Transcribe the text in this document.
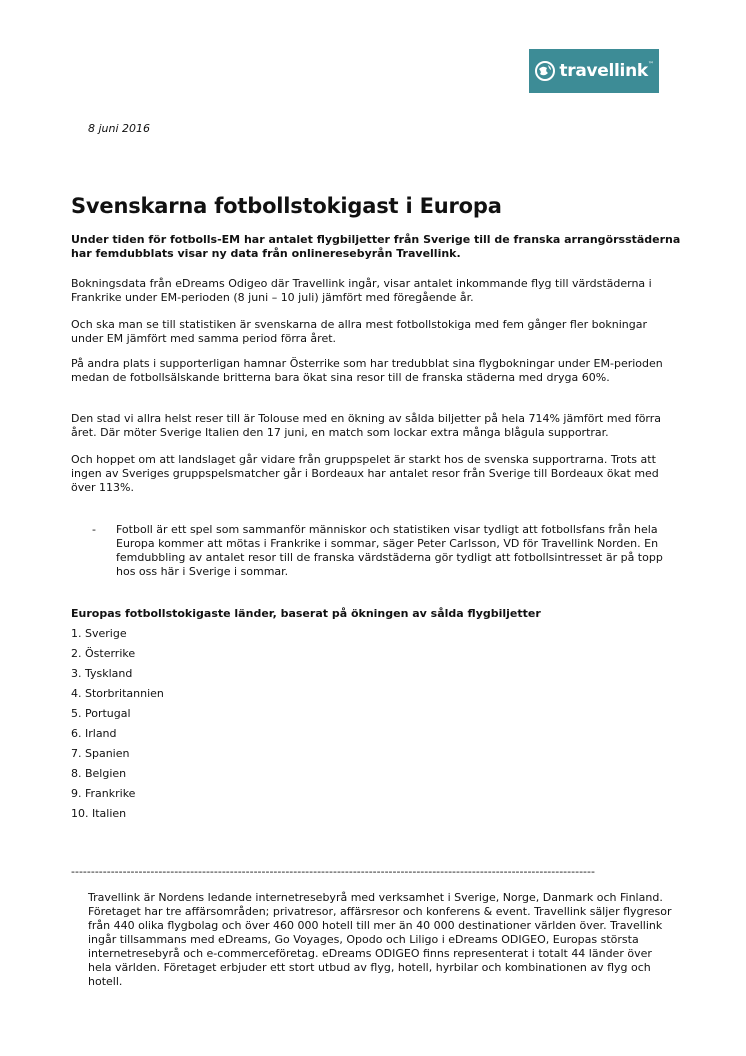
travellink™
8 juni 2016
Svenskarna fotbollstokigast i Europa

Under tiden för fotbolls-EM har antalet flygbiljetter från Sverige till de franska arrangörsstäderna har femdubblats visar ny data från onlineresebyrån Travellink.

Bokningsdata från eDreams Odigeo där Travellink ingår, visar antalet inkommande flyg till värdstäderna i Frankrike under EM-perioden (8 juni – 10 juli) jämfört med föregående år.

Och ska man se till statistiken är svenskarna de allra mest fotbollstokiga med fem gånger fler bokningar under EM jämfört med samma period förra året.

På andra plats i supporterligan hamnar Österrike som har tredubblat sina flygbokningar under EM-perioden medan de fotbollsälskande britterna bara ökat sina resor till de franska städerna med dryga 60%.

Den stad vi allra helst reser till är Tolouse med en ökning av sålda biljetter på hela 714% jämfört med förra året. Där möter Sverige Italien den 17 juni, en match som lockar extra många blågula supportrar.

Och hoppet om att landslaget går vidare från gruppspelet är starkt hos de svenska supportrarna. Trots att ingen av Sveriges gruppspelsmatcher går i Bordeaux har antalet resor från Sverige till Bordeaux ökat med över 113%.

-	Fotboll är ett spel som sammanför människor och statistiken visar tydligt att fotbollsfans från hela Europa kommer att mötas i Frankrike i sommar, säger Peter Carlsson, VD för Travellink Norden. En femdubbling av antalet resor till de franska värdstäderna gör tydligt att fotbollsintresset är på topp hos oss här i Sverige i sommar.

Europas fotbollstokigaste länder, baserat på ökningen av sålda flygbiljetter

1. Sverige
2. Österrike
3. Tyskland
4. Storbritannien
5. Portugal
6. Irland
7. Spanien
8. Belgien
9. Frankrike
10. Italien
------------------------------------------------------------------------------------------------------------------------------------

Travellink är Nordens ledande internetresebyrå med verksamhet i Sverige, Norge, Danmark och Finland. Företaget har tre affärsområden; privatresor, affärsresor och konferens & event. Travellink säljer flygresor från 440 olika flygbolag och över 460 000 hotell till mer än 40 000 destinationer världen över. Travellink ingår tillsammans med eDreams, Go Voyages, Opodo och Liligo i eDreams ODIGEO, Europas största internetresebyrå och e-commerceföretag. eDreams ODIGEO finns representerat i totalt 44 länder över hela världen. Företaget erbjuder ett stort utbud av flyg, hotell, hyrbilar och kombinationen av flyg och hotell.
